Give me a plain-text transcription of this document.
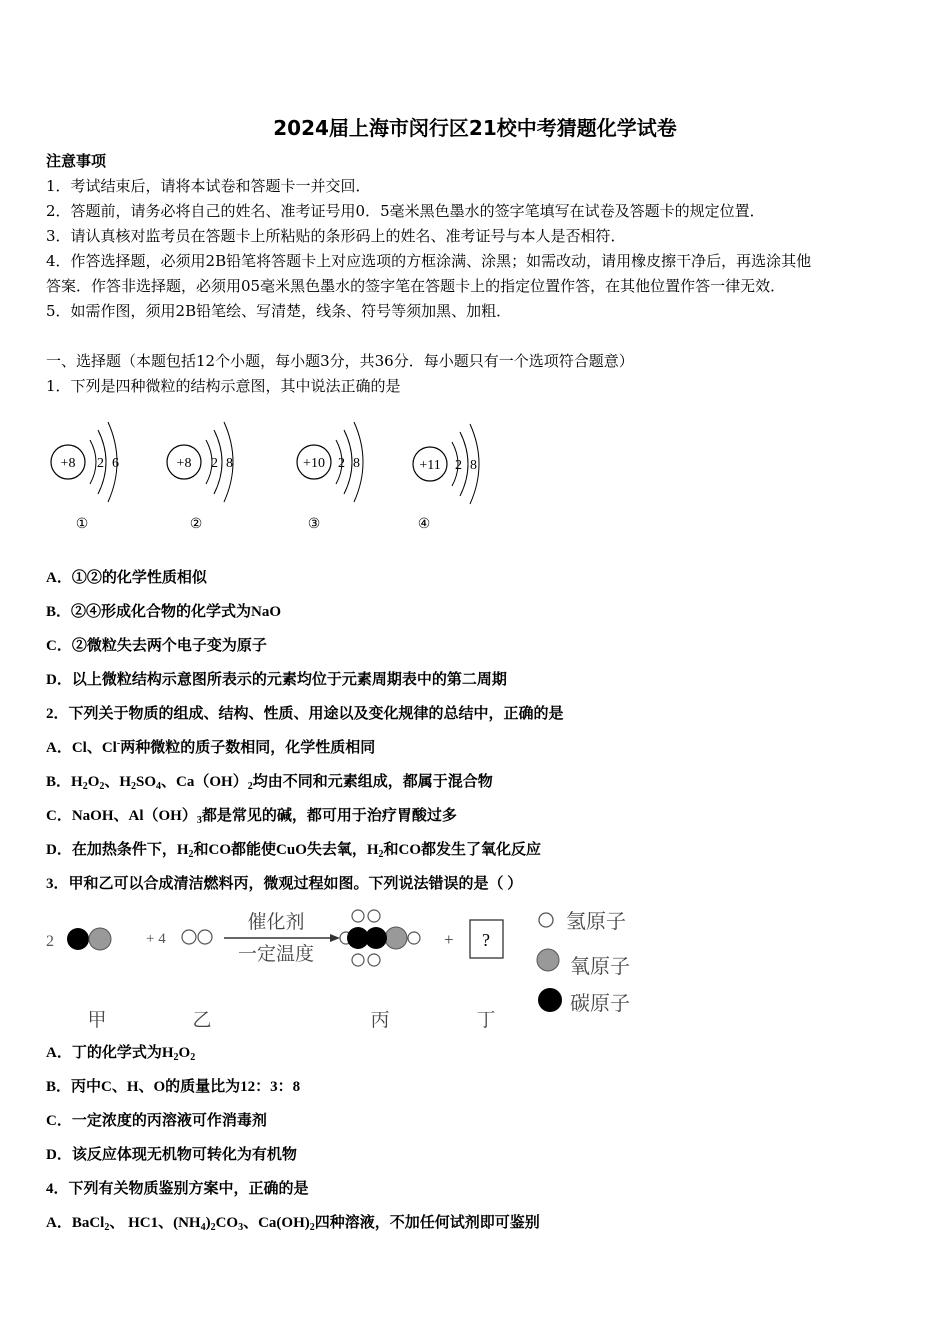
2024届上海市闵行区21校中考猜题化学试卷
注意事项
1．考试结束后，请将本试卷和答题卡一并交回．
2．答题前，请务必将自己的姓名、准考证号用0．5毫米黑色墨水的签字笔填写在试卷及答题卡的规定位置．
3．请认真核对监考员在答题卡上所粘贴的条形码上的姓名、准考证号与本人是否相符．
4．作答选择题，必须用2B铅笔将答题卡上对应选项的方框涂满、涂黑；如需改动，请用橡皮擦干净后，再选涂其他
答案．作答非选择题，必须用05毫米黑色墨水的签字笔在答题卡上的指定位置作答，在其他位置作答一律无效．
5．如需作图，须用2B铅笔绘、写清楚，线条、符号等须加黑、加粗．
一、选择题（本题包括12个小题，每小题3分，共36分．每小题只有一个选项符合题意）
1．下列是四种微粒的结构示意图，其中说法正确的是
+8 2 6
①
+8 2 8
②
+10 2 8
③
+11 2 8
④
A．①②的化学性质相似
B．②④形成化合物的化学式为NaO
C．②微粒失去两个电子变为原子
D．以上微粒结构示意图所表示的元素均位于元素周期表中的第二周期
2．下列关于物质的组成、结构、性质、用途以及变化规律的总结中，正确的是
A．Cl、Cl-两种微粒的质子数相同，化学性质相同
B．$H_2O_2$、$H_2SO_4$、$Ca(OH)_2$均由不同和元素组成，都属于混合物
C．NaOH、$Al(OH)_3$都是常见的碱，都可用于治疗胃酸过多
D．在加热条件下，$H_2$和CO都能使CuO失去氧，$H_2$和CO都发生了氧化反应
3．甲和乙可以合成清洁燃料丙，微观过程如图。下列说法错误的是（ ）
2	+ 4
催化剂
一定温度
+ ?
甲	乙	丙	丁
氢原子
氧原子
碳原子
A．丁的化学式为$H_2O_2$
B．丙中C、H、O的质量比为12：3：8
C．一定浓度的丙溶液可作消毒剂
D．该反应体现无机物可转化为有机物
4．下列有关物质鉴别方案中，正确的是
A．BaCl$_2$、 HC1、$(NH_4)_2CO_3$、$Ca(OH)_2$四种溶液，不加任何试剂即可鉴别
